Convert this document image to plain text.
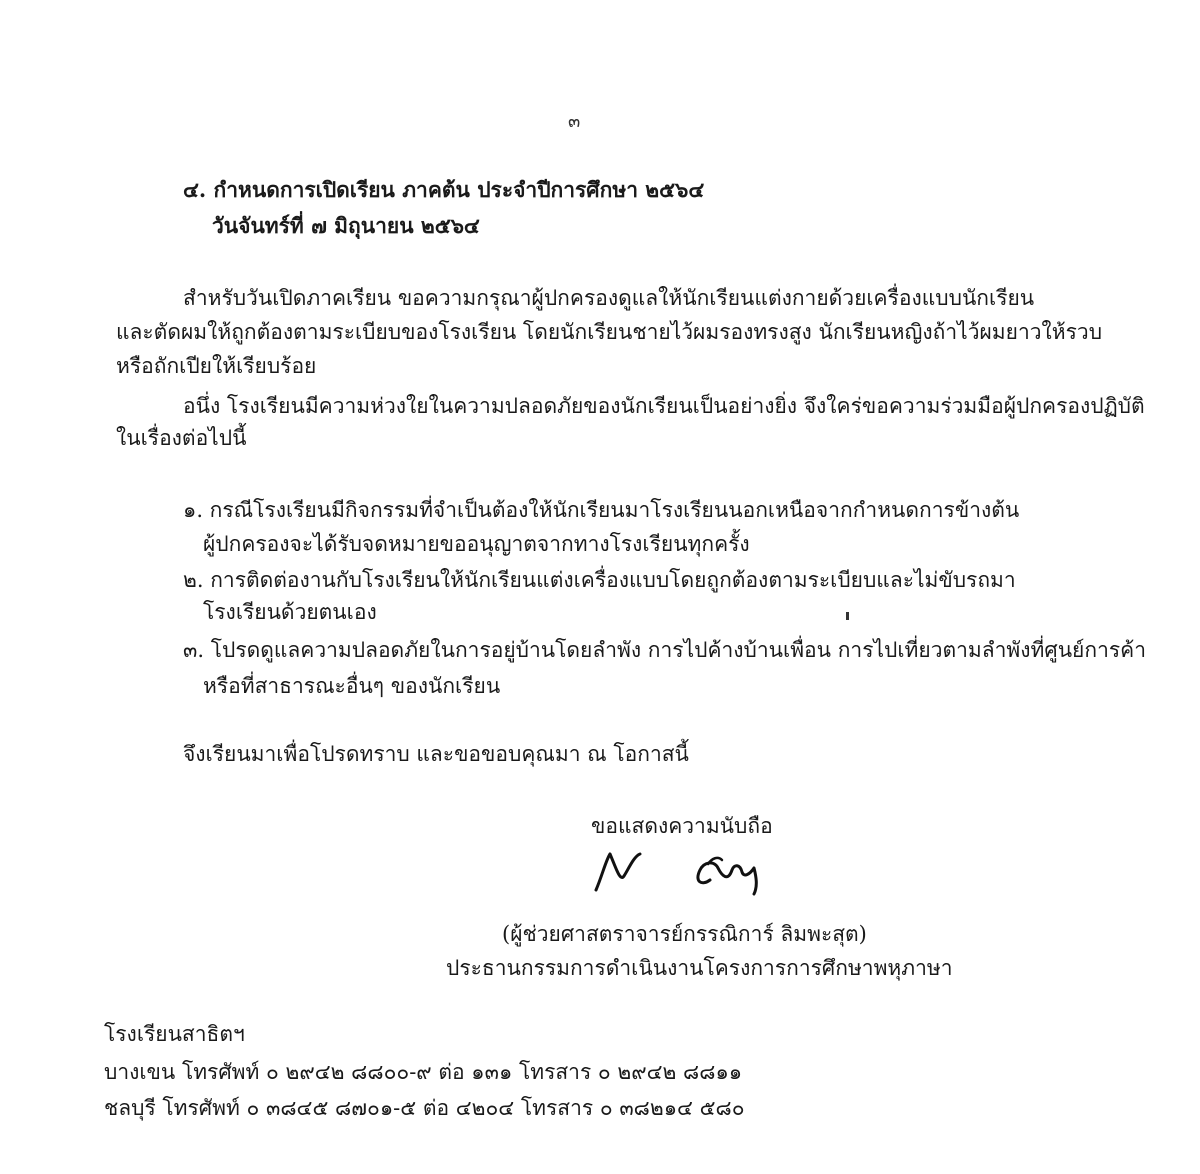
๓
๔. กำหนดการเปิดเรียน ภาคต้น ประจำปีการศึกษา ๒๕๖๔
วันจันทร์ที่ ๗ มิถุนายน ๒๕๖๔
สำหรับวันเปิดภาคเรียน ขอความกรุณาผู้ปกครองดูแลให้นักเรียนแต่งกายด้วยเครื่องแบบนักเรียน
และตัดผมให้ถูกต้องตามระเบียบของโรงเรียน โดยนักเรียนชายไว้ผมรองทรงสูง นักเรียนหญิงถ้าไว้ผมยาวให้รวบ
หรือถักเปียให้เรียบร้อย
อนึ่ง โรงเรียนมีความห่วงใยในความปลอดภัยของนักเรียนเป็นอย่างยิ่ง จึงใคร่ขอความร่วมมือผู้ปกครองปฏิบัติ
ในเรื่องต่อไปนี้
๑. กรณีโรงเรียนมีกิจกรรมที่จำเป็นต้องให้นักเรียนมาโรงเรียนนอกเหนือจากกำหนดการข้างต้น
ผู้ปกครองจะได้รับจดหมายขออนุญาตจากทางโรงเรียนทุกครั้ง
๒. การติดต่องานกับโรงเรียนให้นักเรียนแต่งเครื่องแบบโดยถูกต้องตามระเบียบและไม่ขับรถมา
โรงเรียนด้วยตนเอง
๓. โปรดดูแลความปลอดภัยในการอยู่บ้านโดยลำพัง การไปค้างบ้านเพื่อน การไปเที่ยวตามลำพังที่ศูนย์การค้า
หรือที่สาธารณะอื่นๆ ของนักเรียน
จึงเรียนมาเพื่อโปรดทราบ และขอขอบคุณมา ณ โอกาสนี้
ขอแสดงความนับถือ
(ผู้ช่วยศาสตราจารย์กรรณิการ์ ลิมพะสุต)
ประธานกรรมการดำเนินงานโครงการการศึกษาพหุภาษา
โรงเรียนสาธิตฯ
บางเขน โทรศัพท์ ๐ ๒๙๔๒ ๘๘๐๐-๙ ต่อ ๑๓๑ โทรสาร ๐ ๒๙๔๒ ๘๘๑๑
ชลบุรี โทรศัพท์ ๐ ๓๘๔๕ ๘๗๐๑-๕ ต่อ ๔๒๐๔ โทรสาร ๐ ๓๘๒๑๔ ๕๘๐
